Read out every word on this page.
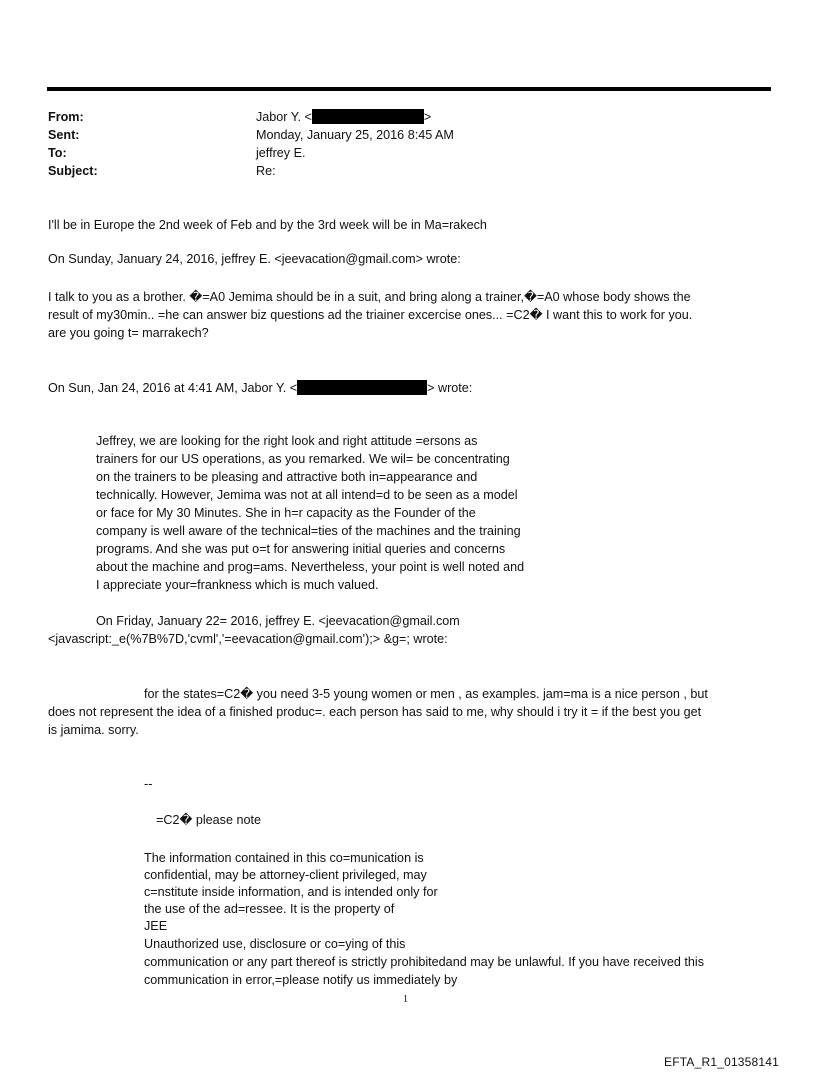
From:	Jabor Y. <	>
Sent:	Monday, January 25, 2016 8:45 AM
To:	jeffrey E.
Subject:	Re:
I'll be in Europe the 2nd week of Feb and by the 3rd week will be in Ma=rakech
On Sunday, January 24, 2016, jeffrey E. <jeevacation@gmail.com> wrote:
I talk to you as a brother. �=A0 Jemima should be in a suit, and bring along a trainer,�=A0 whose body shows the
result of my30min.. =he can answer biz questions ad the triainer excercise ones... =C2� I want this to work for you.
are you going t= marrakech?
On Sun, Jan 24, 2016 at 4:41 AM, Jabor Y. <	> wrote:
Jeffrey, we are looking for the right look and right attitude =ersons as
trainers for our US operations, as you remarked. We wil= be concentrating
on the trainers to be pleasing and attractive both in=appearance and
technically. However, Jemima was not at all intend=d to be seen as a model
or face for My 30 Minutes. She in h=r capacity as the Founder of the
company is well aware of the technical=ties of the machines and the training
programs. And she was put o=t for answering initial queries and concerns
about the machine and prog=ams. Nevertheless, your point is well noted and
I appreciate your=frankness which is much valued.
On Friday, January 22= 2016, jeffrey E. <jeevacation@gmail.com
<javascript:_e(%7B%7D,'cvml','=eevacation@gmail.com');> &g=; wrote:
for the states=C2� you need 3-5 young women or men , as examples. jam=ma is a nice person , but
does not represent the idea of a finished produc=. each person has said to me, why should i try it = if the best you get
is jamima. sorry.
--
=C2� please note
The information contained in this co=munication is
confidential, may be attorney-client privileged, may
c=nstitute inside information, and is intended only for
the use of the ad=ressee. It is the property of
JEE
Unauthorized use, disclosure or co=ying of this
communication or any part thereof is strictly prohibitedand may be unlawful. If you have received this
communication in error,=please notify us immediately by
1
EFTA_R1_01358141
